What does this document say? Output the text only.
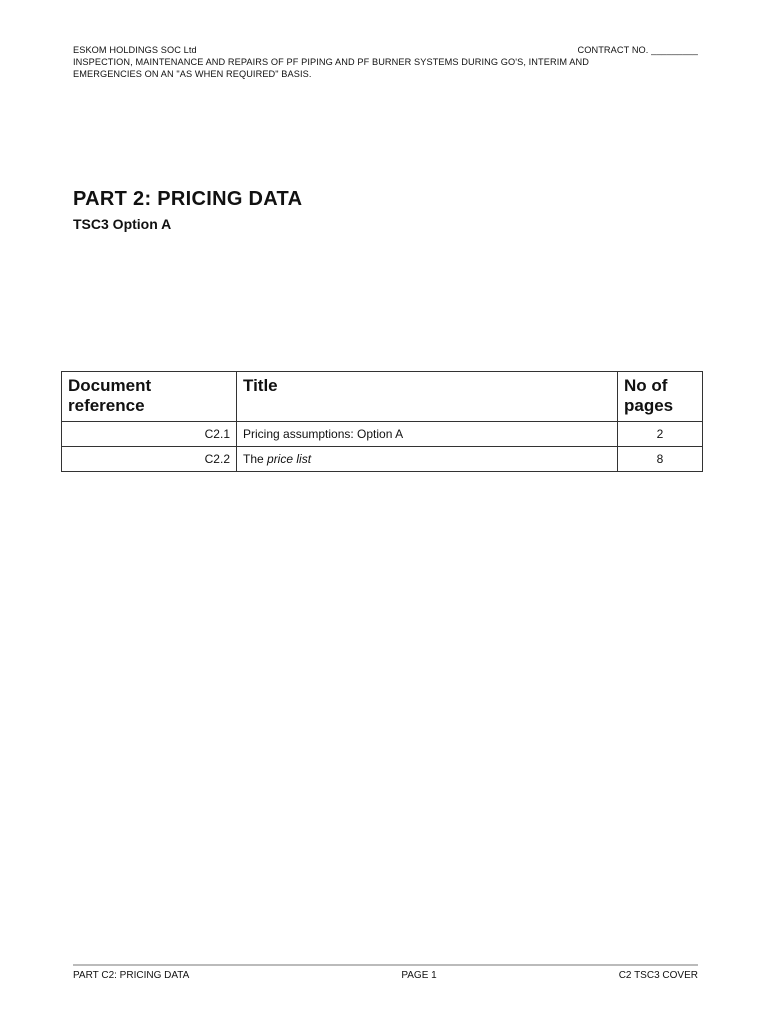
ESKOM HOLDINGS SOC Ltd	CONTRACT NO. _________
INSPECTION, MAINTENANCE AND REPAIRS OF PF PIPING AND PF BURNER SYSTEMS DURING GO'S, INTERIM AND
EMERGENCIES ON AN "AS WHEN REQUIRED" BASIS.
PART 2: PRICING DATA
TSC3 Option A
Document
reference	Title	No of
pages
C2.1	Pricing assumptions: Option A	2
C2.2	The price list	8
PART C2: PRICING DATA	PAGE 1	C2 TSC3 COVER
